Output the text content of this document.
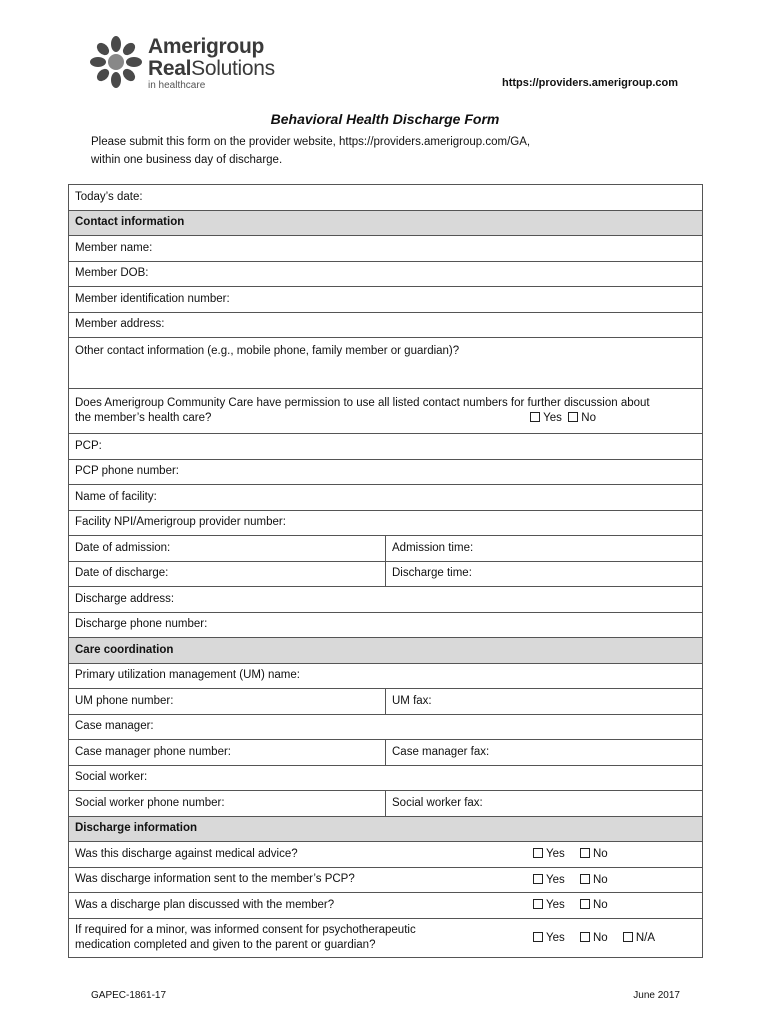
Amerigroup
RealSolutions
in healthcare	https://providers.amerigroup.com
Behavioral Health Discharge Form
Please submit this form on the provider website, https://providers.amerigroup.com/GA,
within one business day of discharge.
Today’s date:	
Contact information	
Member name:	
Member DOB:	
Member identification number:	
Member address:	
Other contact information (e.g., mobile phone, family member or guardian)?	

Does Amerigroup Community Care have permission to use all listed contact numbers for further discussion about
the member’s health care? Yes No	

PCP:	
PCP phone number:	
Name of facility:	
Facility NPI/Amerigroup provider number:	
Date of admission:	Admission time:
Date of discharge:	Discharge time:
Discharge address:	
Discharge phone number:	
Care coordination	
Primary utilization management (UM) name:	
UM phone number:	UM fax:
Case manager:	
Case manager phone number:	Case manager fax:
Social worker:	
Social worker phone number:	Social worker fax:
Discharge information	
Was this discharge against medical advice? Yes No	

Was discharge information sent to the member’s PCP? Yes No	

Was a discharge plan discussed with the member? Yes No	

If required for a minor, was informed consent for psychotherapeutic
medication completed and given to the parent or guardian?
Yes No N/A	
GAPEC-1861-17	June 2017
